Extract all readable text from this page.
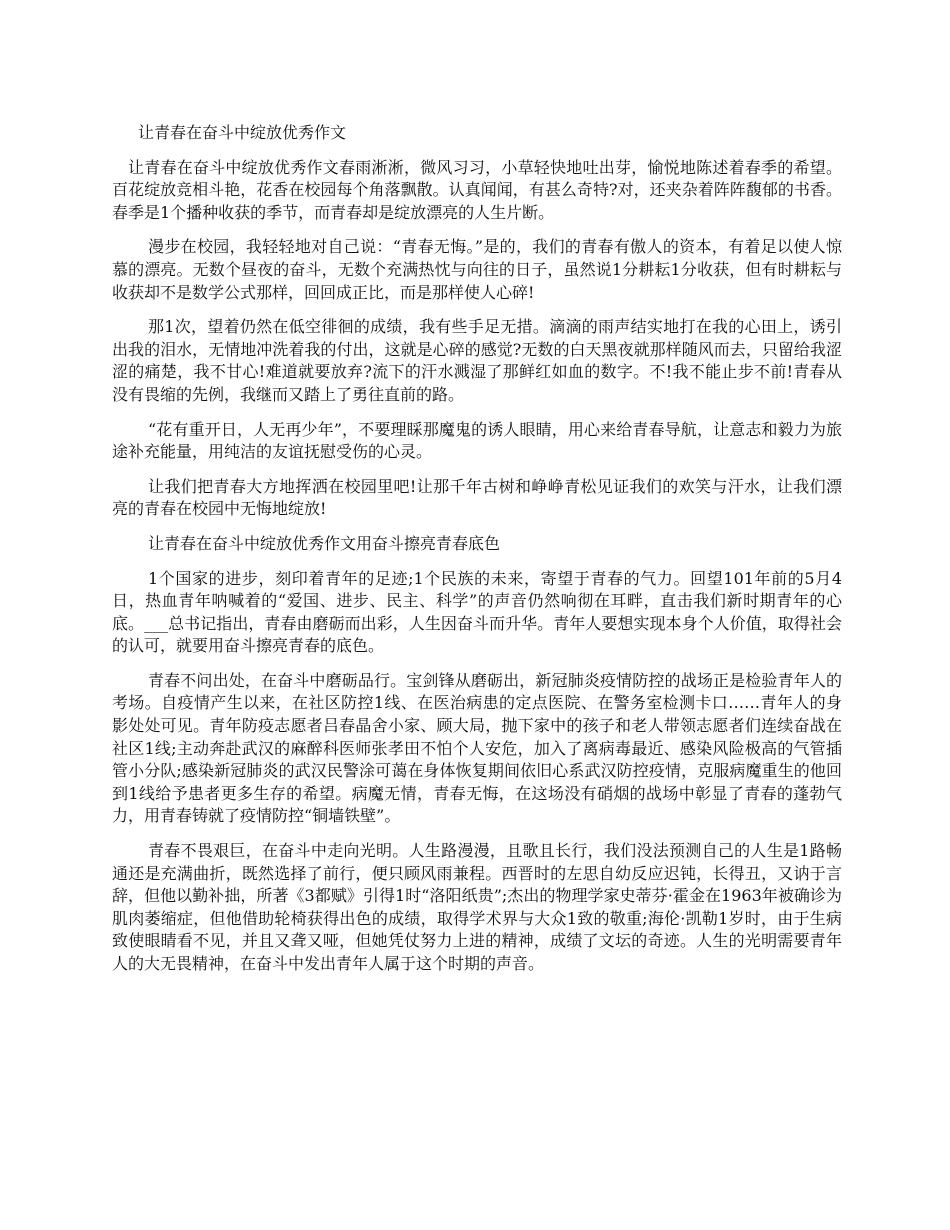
让青春在奋斗中绽放优秀作文

让青春在奋斗中绽放优秀作文春雨淅淅，微风习习，小草轻快地吐出芽，愉悦地陈述着春季的希望。百花绽放竞相斗艳，花香在校园每个角落飘散。认真闻闻，有甚么奇特?对，还夹杂着阵阵馥郁的书香。春季是1个播种收获的季节，而青春却是绽放漂亮的人生片断。

漫步在校园，我轻轻地对自己说：“青春无悔。”是的，我们的青春有傲人的资本，有着足以使人惊慕的漂亮。无数个昼夜的奋斗，无数个充满热忱与向往的日子，虽然说1分耕耘1分收获，但有时耕耘与收获却不是数学公式那样，回回成正比，而是那样使人心碎!

那1次，望着仍然在低空徘徊的成绩，我有些手足无措。滴滴的雨声结实地打在我的心田上，诱引出我的泪水，无情地冲洗着我的付出，这就是心碎的感觉?无数的白天黑夜就那样随风而去，只留给我涩涩的痛楚，我不甘心!难道就要放弃?流下的汗水溅湿了那鲜红如血的数字。不!我不能止步不前!青春从没有畏缩的先例，我继而又踏上了勇往直前的路。

“花有重开日，人无再少年”，不要理睬那魔鬼的诱人眼睛，用心来给青春导航，让意志和毅力为旅途补充能量，用纯洁的友谊抚慰受伤的心灵。

让我们把青春大方地挥洒在校园里吧!让那千年古树和峥峥青松见证我们的欢笑与汗水，让我们漂亮的青春在校园中无悔地绽放!

让青春在奋斗中绽放优秀作文用奋斗擦亮青春底色

1个国家的进步，刻印着青年的足迹;1个民族的未来，寄望于青春的气力。回望101年前的5月4日，热血青年呐喊着的“爱国、进步、民主、科学”的声音仍然响彻在耳畔，直击我们新时期青年的心底。___总书记指出，青春由磨砺而出彩，人生因奋斗而升华。青年人要想实现本身个人价值，取得社会的认可，就要用奋斗擦亮青春的底色。

青春不问出处，在奋斗中磨砺品行。宝剑锋从磨砺出，新冠肺炎疫情防控的战场正是检验青年人的考场。自疫情产生以来，在社区防控1线、在医治病患的定点医院、在警务室检测卡口……青年人的身影处处可见。青年防疫志愿者吕春晶舍小家、顾大局，抛下家中的孩子和老人带领志愿者们连续奋战在社区1线;主动奔赴武汉的麻醉科医师张孝田不怕个人安危，加入了离病毒最近、感染风险极高的气管插管小分队;感染新冠肺炎的武汉民警涂可蔼在身体恢复期间依旧心系武汉防控疫情，克服病魔重生的他回到1线给予患者更多生存的希望。病魔无情，青春无悔，在这场没有硝烟的战场中彰显了青春的蓬勃气力，用青春铸就了疫情防控“铜墙铁壁”。

青春不畏艰巨，在奋斗中走向光明。人生路漫漫，且歌且长行，我们没法预测自己的人生是1路畅通还是充满曲折，既然选择了前行，便只顾风雨兼程。西晋时的左思自幼反应迟钝，长得丑，又讷于言辞，但他以勤补拙，所著《3都赋》引得1时“洛阳纸贵”;杰出的物理学家史蒂芬·霍金在1963年被确诊为肌肉萎缩症，但他借助轮椅获得出色的成绩，取得学术界与大众1致的敬重;海伦·凯勒1岁时，由于生病致使眼睛看不见，并且又聋又哑，但她凭仗努力上进的精神，成绩了文坛的奇迹。人生的光明需要青年人的大无畏精神，在奋斗中发出青年人属于这个时期的声音。
